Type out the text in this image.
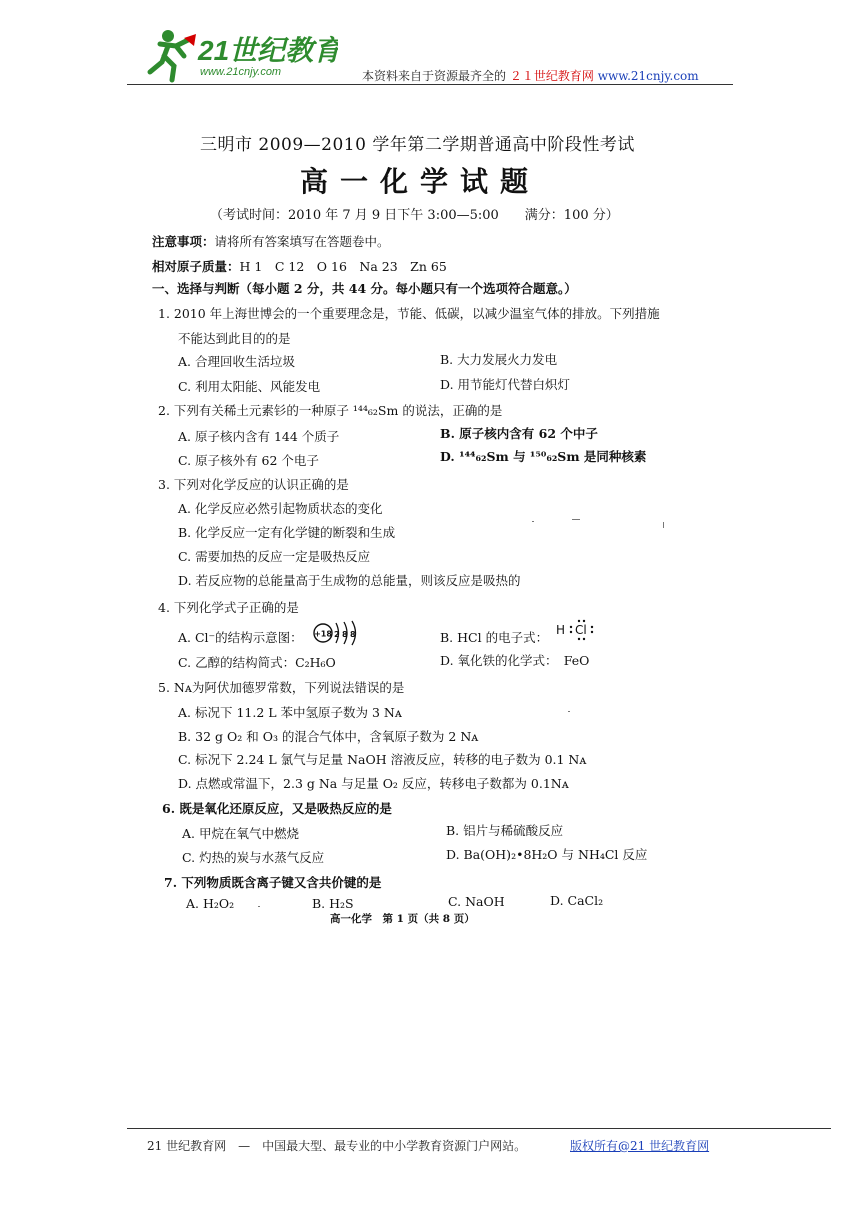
21世纪教育
www.21cnjy.com	本资料来自于资源最齐全的 ２１世纪教育网 www.21cnjy.com
三明市 2009—2010 学年第二学期普通高中阶段性考试
高一化学试题
（考试时间：2010 年 7 月 9 日下午 3:00—5:00　　满分：100 分）
注意事项：请将所有答案填写在答题卷中。
相对原子质量：H 1　C 12　O 16　Na 23　Zn 65
一、选择与判断（每小题 2 分，共 44 分。每小题只有一个选项符合题意。）
1. 2010 年上海世博会的一个重要理念是，节能、低碳，以减少温室气体的排放。下列措施
不能达到此目的的是
A. 合理回收生活垃圾	B. 大力发展火力发电
C. 利用太阳能、风能发电	D. 用节能灯代替白炽灯
2. 下列有关稀土元素钐的一种原子 ¹⁴⁴₆₂Sm 的说法，正确的是
A. 原子核内含有 144 个质子	B. 原子核内含有 62 个中子
C. 原子核外有 62 个电子	D. ¹⁴⁴₆₂Sm 与 ¹⁵⁰₆₂Sm 是同种核素
3. 下列对化学反应的认识正确的是
A. 化学反应必然引起物质状态的变化
B. 化学反应一定有化学键的断裂和生成
C. 需要加热的反应一定是吸热反应
D. 若反应物的总能量高于生成物的总能量，则该反应是吸热的
4. 下列化学式子正确的是
A. Cl⁻的结构示意图： +18 2 8 8	B. HCl 的电子式： H Cl
C. 乙醇的结构简式：C₂H₆O	D. 氧化铁的化学式：　FeO
5. Nᴀ为阿伏加德罗常数，下列说法错误的是
A. 标况下 11.2 L 苯中氢原子数为 3 Nᴀ
B. 32 g O₂ 和 O₃ 的混合气体中，含氧原子数为 2 Nᴀ
C. 标况下 2.24 L 氯气与足量 NaOH 溶液反应，转移的电子数为 0.1 Nᴀ
D. 点燃或常温下，2.3 g Na 与足量 O₂ 反应，转移电子数都为 0.1Nᴀ
6. 既是氧化还原反应，又是吸热反应的是
A. 甲烷在氧气中燃烧	B. 铝片与稀硫酸反应
C. 灼热的炭与水蒸气反应	D. Ba(OH)₂•8H₂O 与 NH₄Cl 反应
7. 下列物质既含离子键又含共价键的是
A. H₂O₂	B. H₂S	C. NaOH	D. CaCl₂
高一化学　第 1 页（共 8 页）
21 世纪教育网　—　中国最大型、最专业的中小学教育资源门户网站。	版权所有@21 世纪教育网
